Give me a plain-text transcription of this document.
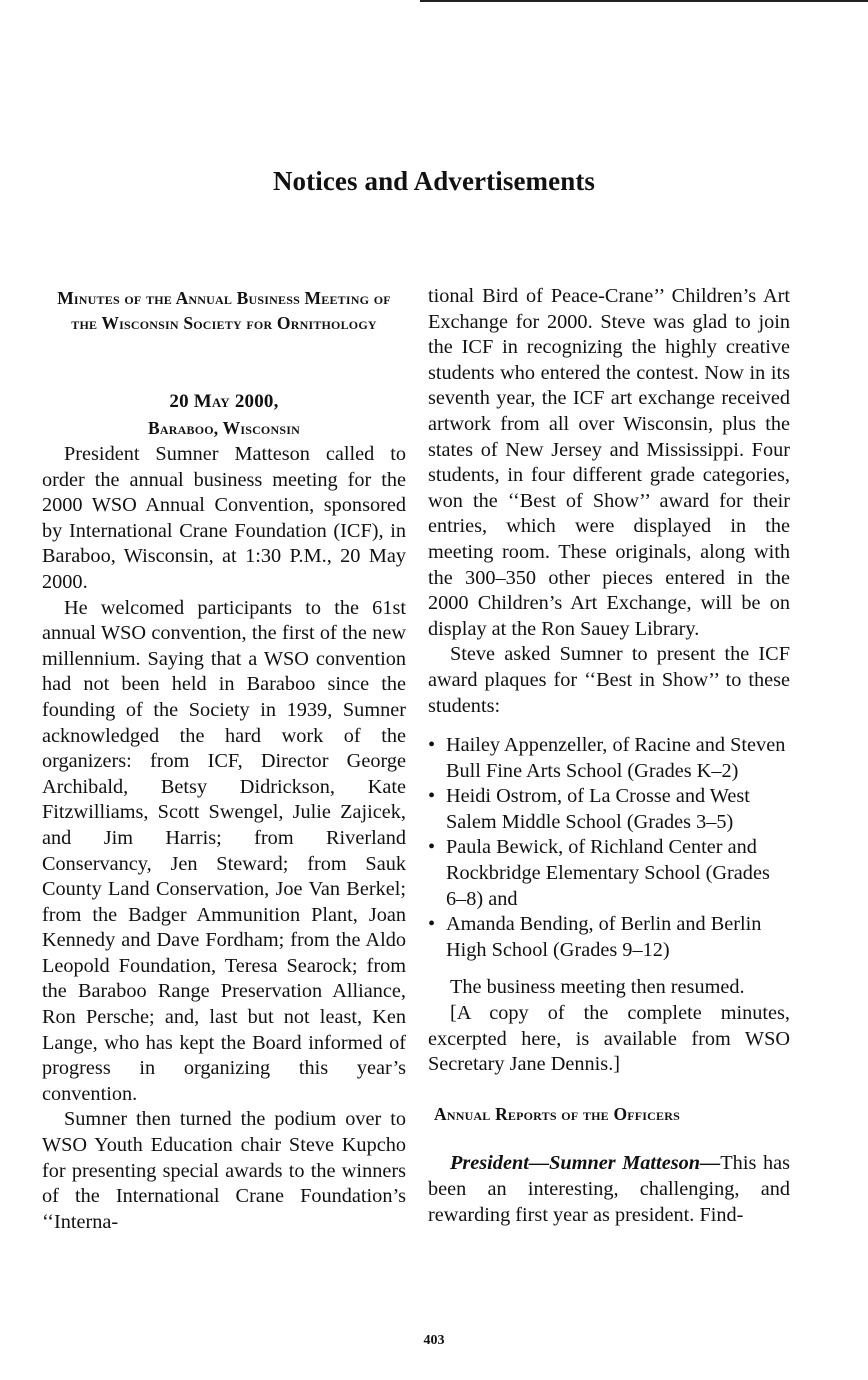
Notices and Advertisements
Minutes of the Annual Business Meeting of the Wisconsin Society for Ornithology
20 May 2000,
Baraboo, Wisconsin

President Sumner Matteson called to order the annual business meeting for the 2000 WSO Annual Convention, sponsored by International Crane Foundation (ICF), in Baraboo, Wisconsin, at 1:30 P.M., 20 May 2000.

He welcomed participants to the 61st annual WSO convention, the first of the new millennium. Saying that a WSO convention had not been held in Baraboo since the founding of the Society in 1939, Sumner acknowledged the hard work of the organizers: from ICF, Director George Archibald, Betsy Didrickson, Kate Fitzwilliams, Scott Swengel, Julie Zajicek, and Jim Harris; from Riverland Conservancy, Jen Steward; from Sauk County Land Conservation, Joe Van Berkel; from the Badger Ammunition Plant, Joan Kennedy and Dave Fordham; from the Aldo Leopold Foundation, Teresa Searock; from the Baraboo Range Preservation Alliance, Ron Persche; and, last but not least, Ken Lange, who has kept the Board informed of progress in organizing this year’s convention.

Sumner then turned the podium over to WSO Youth Education chair Steve Kupcho for presenting special awards to the winners of the International Crane Foundation’s ‘‘Interna-

tional Bird of Peace-Crane’’ Children’s Art Exchange for 2000. Steve was glad to join the ICF in recognizing the highly creative students who entered the contest. Now in its seventh year, the ICF art exchange received artwork from all over Wisconsin, plus the states of New Jersey and Mississippi. Four students, in four different grade categories, won the ‘‘Best of Show’’ award for their entries, which were displayed in the meeting room. These originals, along with the 300–350 other pieces entered in the 2000 Children’s Art Exchange, will be on display at the Ron Sauey Library.

Steve asked Sumner to present the ICF award plaques for ‘‘Best in Show’’ to these students:

• Hailey Appenzeller, of Racine and Steven Bull Fine Arts School (Grades K–2)
• Heidi Ostrom, of La Crosse and West Salem Middle School (Grades 3–5)
• Paula Bewick, of Richland Center and Rockbridge Elementary School (Grades 6–8) and
• Amanda Bending, of Berlin and Berlin High School (Grades 9–12)

The business meeting then resumed.

[A copy of the complete minutes, excerpted here, is available from WSO Secretary Jane Dennis.]

Annual Reports of the Officers

President—Sumner Matteson—This has been an interesting, challenging, and rewarding first year as president. Find-

403
